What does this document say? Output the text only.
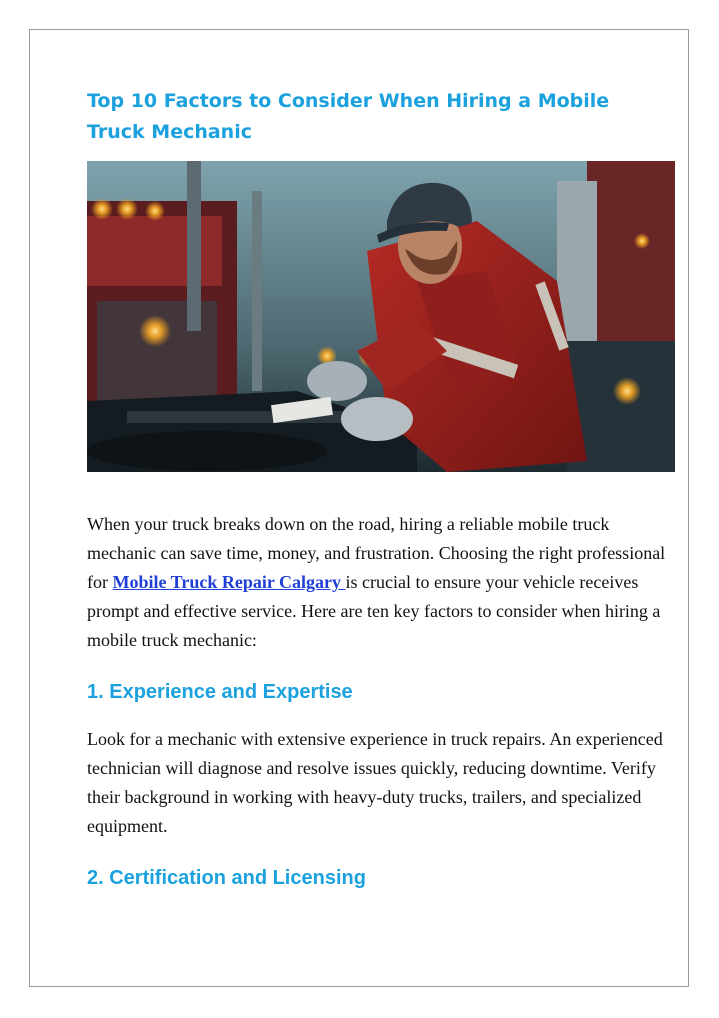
Top 10 Factors to Consider When Hiring a Mobile Truck Mechanic

When your truck breaks down on the road, hiring a reliable mobile truck mechanic can save time, money, and frustration. Choosing the right professional for Mobile Truck Repair Calgary is crucial to ensure your vehicle receives prompt and effective service. Here are ten key factors to consider when hiring a mobile truck mechanic:

1. Experience and Expertise

Look for a mechanic with extensive experience in truck repairs. An experienced technician will diagnose and resolve issues quickly, reducing downtime. Verify their background in working with heavy-duty trucks, trailers, and specialized equipment.

2. Certification and Licensing
